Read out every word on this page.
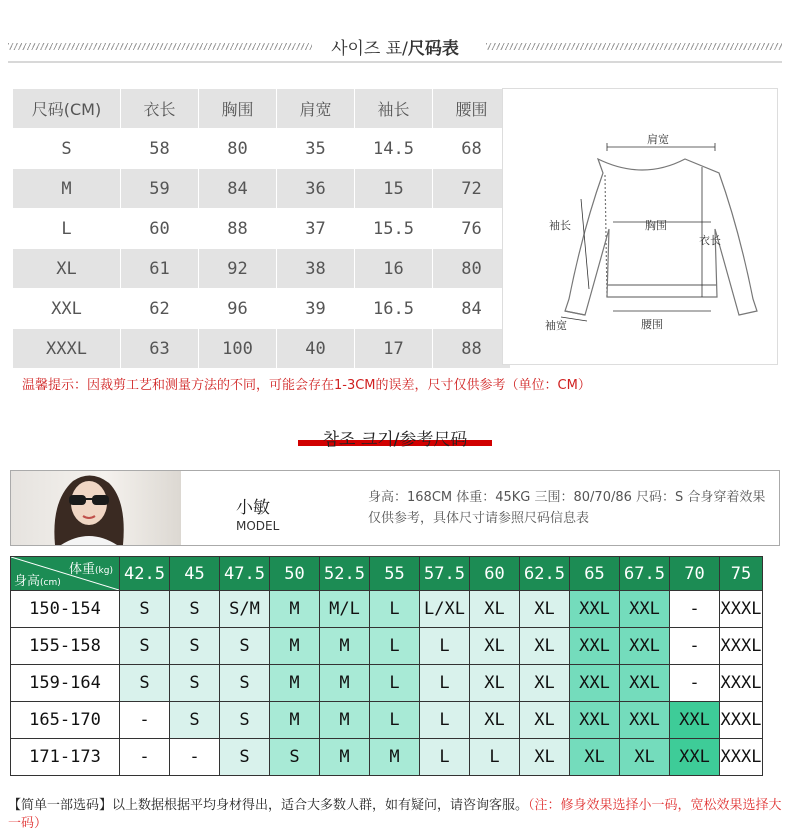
사이즈 표/尺码表
尺码(CM)	衣长	胸围	肩宽	袖长	腰围
S	58	80	35	14.5	68
M	59	84	36	15	72
L	60	88	37	15.5	76
XL	61	92	38	16	80
XXL	62	96	39	16.5	84
XXXL	63	100	40	17	88
肩宽
袖长	胸围
衣长
袖宽	腰围
温馨提示：因裁剪工艺和测量方法的不同，可能会存在1-3CM的误差，尺寸仅供参考（单位：CM）
참조 크기/参考尺码
小敏
MODEL
身高：168CM 体重：45KG 三围：80/70/86 尺码：S 合身穿着效果仅供参考，具体尺寸请参照尺码信息表
体重(kg)
身高(cm)	42.5	45	47.5	50	52.5	55	57.5	60	62.5	65	67.5	70	75
150-154	S	S	S/M	M	M/L	L	L/XL	XL	XL	XXL	XXL	-	XXXL
155-158	S	S	S	M	M	L	L	XL	XL	XXL	XXL	-	XXXL
159-164	S	S	S	M	M	L	L	XL	XL	XXL	XXL	-	XXXL
165-170	-	S	S	M	M	L	L	XL	XL	XXL	XXL	XXL	XXXL
171-173	-	-	S	S	M	M	L	L	XL	XL	XL	XXL	XXXL
【简单一部选码】以上数据根据平均身材得出，适合大多数人群，如有疑问，请咨询客服。（注：修身效果选择小一码，宽松效果选择大一码）
